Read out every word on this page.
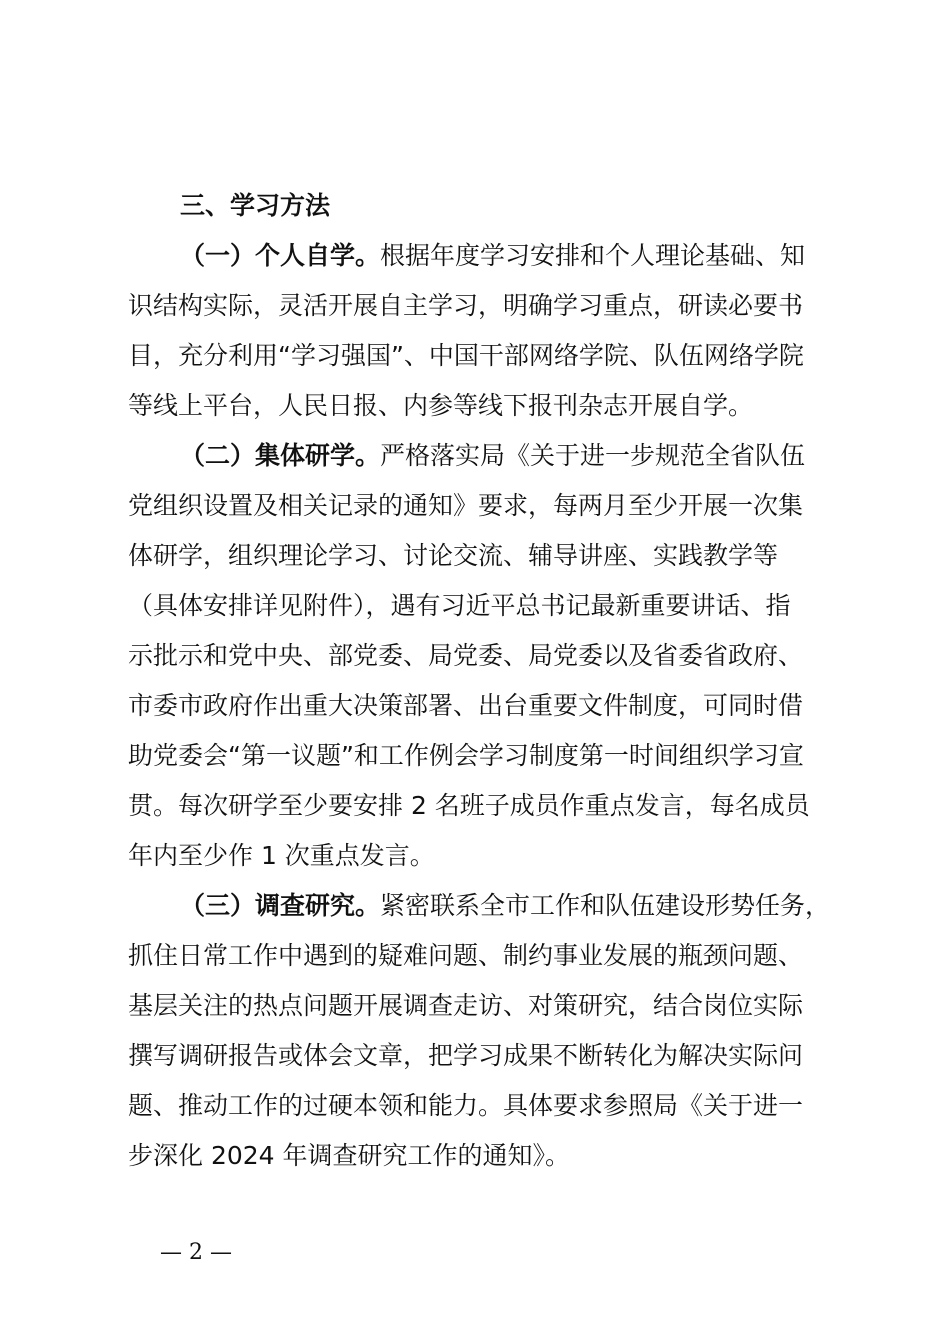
三、学习方法
（一）个人自学。根据年度学习安排和个人理论基础、知
识结构实际，灵活开展自主学习，明确学习重点，研读必要书
目，充分利用“学习强国”、中国干部网络学院、队伍网络学院
等线上平台，人民日报、内参等线下报刊杂志开展自学。
（二）集体研学。严格落实局《关于进一步规范全省队伍
党组织设置及相关记录的通知》要求，每两月至少开展一次集
体研学，组织理论学习、讨论交流、辅导讲座、实践教学等
（具体安排详见附件），遇有习近平总书记最新重要讲话、指
示批示和党中央、部党委、局党委、局党委以及省委省政府、
市委市政府作出重大决策部署、出台重要文件制度，可同时借
助党委会“第一议题”和工作例会学习制度第一时间组织学习宣
贯。每次研学至少要安排 2 名班子成员作重点发言，每名成员
年内至少作 1 次重点发言。
（三）调查研究。紧密联系全市工作和队伍建设形势任务，
抓住日常工作中遇到的疑难问题、制约事业发展的瓶颈问题、
基层关注的热点问题开展调查走访、对策研究，结合岗位实际
撰写调研报告或体会文章，把学习成果不断转化为解决实际问
题、推动工作的过硬本领和能力。具体要求参照局《关于进一
步深化 2024 年调查研究工作的通知》。
— 2 —
